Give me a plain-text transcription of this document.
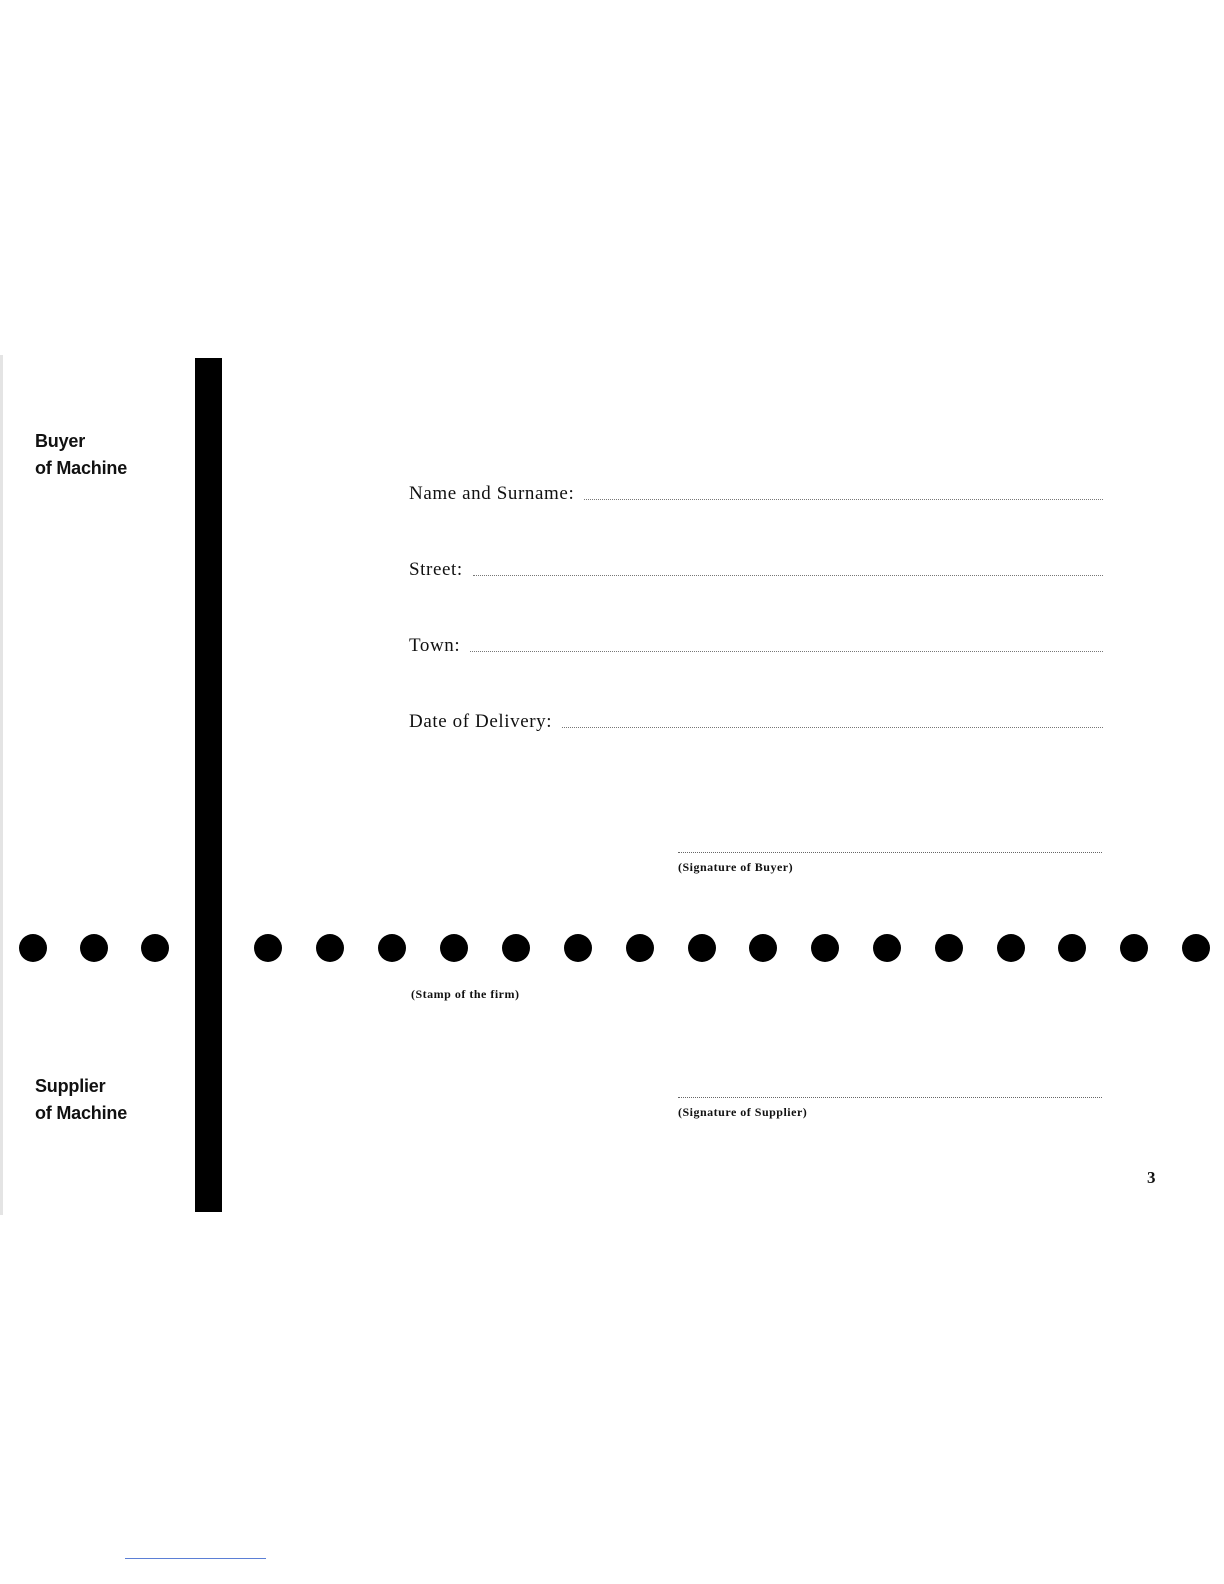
Buyer
of Machine
Name and Surname:
Street:
Town:
Date of Delivery:
(Signature of Buyer)
(Stamp of the firm)
Supplier
of Machine	(Signature of Supplier)
3
